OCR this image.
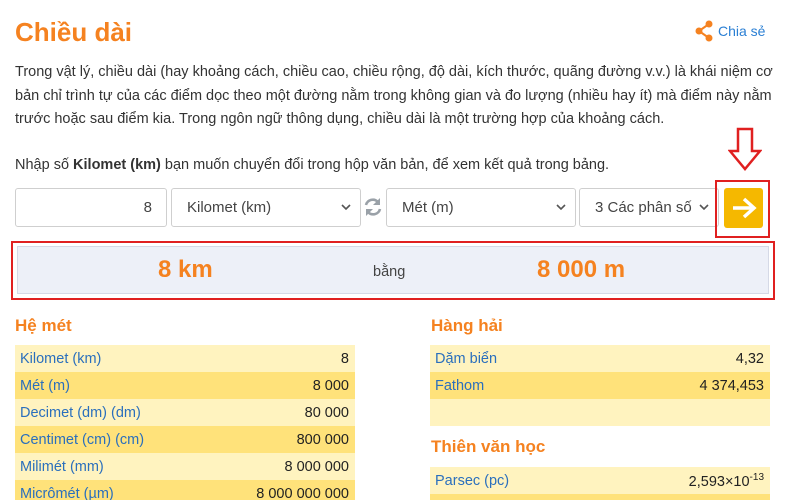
Chiều dài	Chia sẻ

Trong vật lý, chiều dài (hay khoảng cách, chiều cao, chiều rộng, độ dài, kích thước, quãng đường v.v.) là khái niệm cơ bản chỉ trình tự của các điểm dọc theo một đường nằm trong không gian và đo lượng (nhiều hay ít) mà điểm này nằm trước hoặc sau điểm kia. Trong ngôn ngữ thông dụng, chiều dài là một trường hợp của khoảng cách.

Nhập số Kilomet (km) bạn muốn chuyển đổi trong hộp văn bản, để xem kết quả trong bảng.

8 Kilomet (km)	Mét (m)	3 Các phân số
8 km	bằng	8 000 m
Hệ mét
Kilomet (km)	8
Mét (m)	8 000
Decimet (dm) (dm)	80 000
Centimet (cm) (cm)	800 000
Milimét (mm)	8 000 000
Micrômét (µm)	8 000 000 000
Hàng hải
Dặm biển	4,32
Fathom	4 374,453
Thiên văn học
Parsec (pc)	$2,593\times 10^{-13}$
